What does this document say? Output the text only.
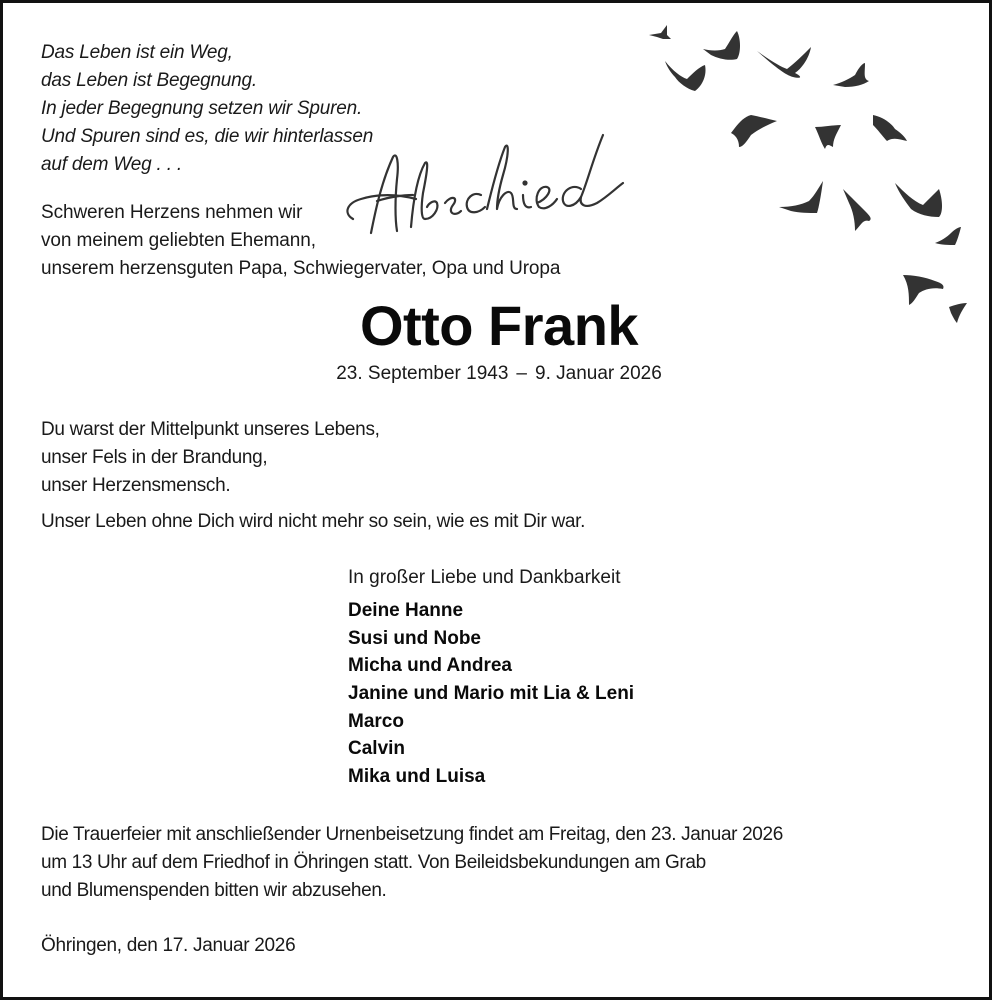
Das Leben ist ein Weg,
das Leben ist Begegnung.
In jeder Begegnung setzen wir Spuren.
Und Spuren sind es, die wir hinterlassen
auf dem Weg . . .
Schweren Herzens nehmen wir
von meinem geliebten Ehemann,
unserem herzensguten Papa, Schwiegervater, Opa und Uropa
Otto Frank
23. September 1943 – 9. Januar 2026
Du warst der Mittelpunkt unseres Lebens,
unser Fels in der Brandung,
unser Herzensmensch.
Unser Leben ohne Dich wird nicht mehr so sein, wie es mit Dir war.
In großer Liebe und Dankbarkeit
Deine Hanne
Susi und Nobe
Micha und Andrea
Janine und Mario mit Lia & Leni
Marco
Calvin
Mika und Luisa
Die Trauerfeier mit anschließender Urnenbeisetzung findet am Freitag, den 23. Januar 2026
um 13 Uhr auf dem Friedhof in Öhringen statt. Von Beileidsbekundungen am Grab
und Blumenspenden bitten wir abzusehen.
Öhringen, den 17. Januar 2026
